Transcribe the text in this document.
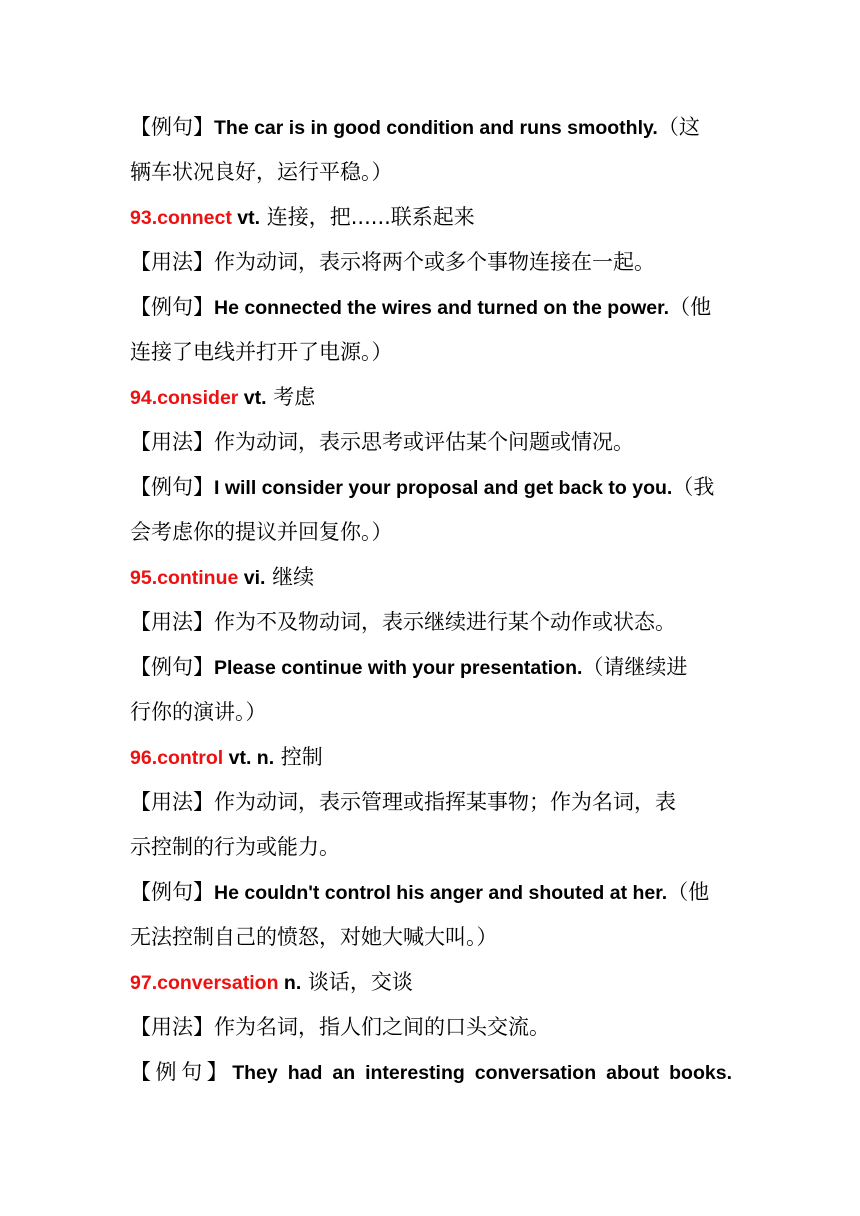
【例句】The car is in good condition and runs smoothly.（这
辆车状况良好，运行平稳。）
93.connect vt. 连接，把......联系起来
【用法】作为动词，表示将两个或多个事物连接在一起。
【例句】He connected the wires and turned on the power.（他
连接了电线并打开了电源。）
94.consider vt. 考虑
【用法】作为动词，表示思考或评估某个问题或情况。
【例句】I will consider your proposal and get back to you.（我
会考虑你的提议并回复你。）
95.continue vi. 继续
【用法】作为不及物动词，表示继续进行某个动作或状态。
【例句】Please continue with your presentation.（请继续进
行你的演讲。）
96.control vt. n. 控制
【用法】作为动词，表示管理或指挥某事物；作为名词，表
示控制的行为或能力。
【例句】He couldn't control his anger and shouted at her.（他
无法控制自己的愤怒，对她大喊大叫。）
97.conversation n. 谈话，交谈
【用法】作为名词，指人们之间的口头交流。
【例句】They had an interesting conversation about books.
